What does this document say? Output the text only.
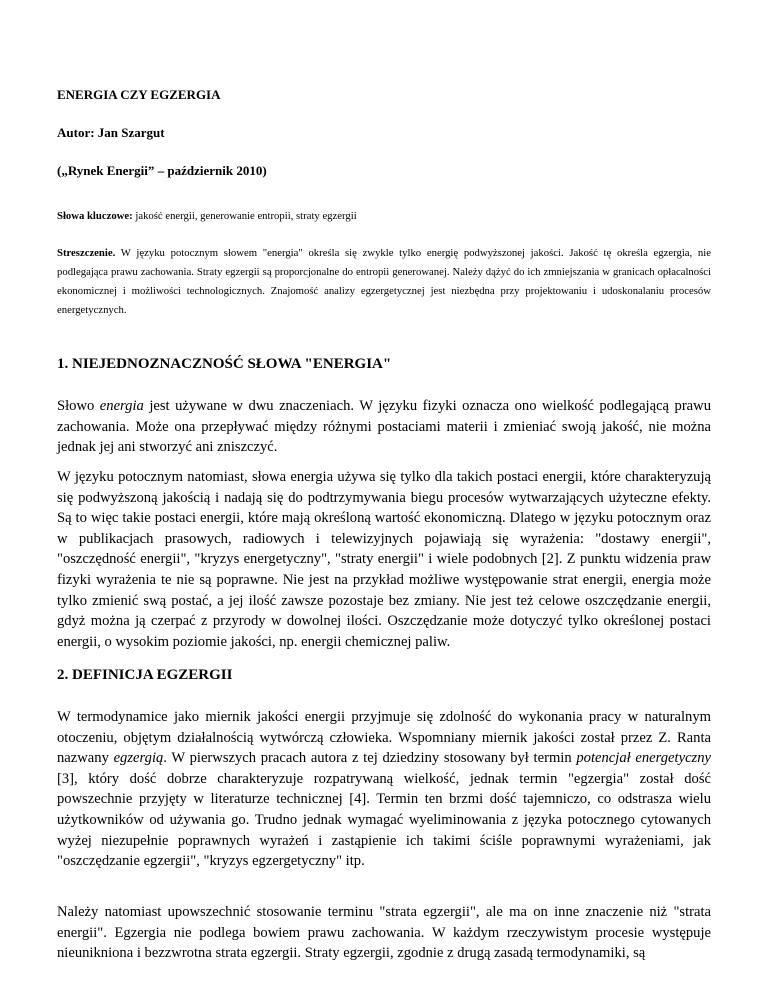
ENERGIA CZY EGZERGIA
Autor: Jan Szargut
(„Rynek Energii” – październik 2010)
Słowa kluczowe: jakość energii, generowanie entropii, straty egzergii
Streszczenie. W języku potocznym słowem "energia" określa się zwykle tylko energię podwyższonej jakości. Jakość tę określa egzergia, nie podlegająca prawu zachowania. Straty egzergii są proporcjonalne do entropii generowanej. Należy dążyć do ich zmniejszania w granicach opłacalności ekonomicznej i możliwości technologicznych. Znajomość analizy egzergetycznej jest niezbędna przy projektowaniu i udoskonalaniu procesów energetycznych.
1. NIEJEDNOZNACZNOŚĆ SŁOWA "ENERGIA"
Słowo energia jest używane w dwu znaczeniach. W języku fizyki oznacza ono wielkość podlegającą prawu zachowania. Może ona przepływać między różnymi postaciami materii i zmieniać swoją jakość, nie można jednak jej ani stworzyć ani zniszczyć.
W języku potocznym natomiast, słowa energia używa się tylko dla takich postaci energii, które charakteryzują się podwyższoną jakością i nadają się do podtrzymywania biegu procesów wytwarzających użyteczne efekty. Są to więc takie postaci energii, które mają określoną wartość ekonomiczną. Dlatego w języku potocznym oraz w publikacjach prasowych, radiowych i telewizyjnych pojawiają się wyrażenia: "dostawy energii", "oszczędność energii", "kryzys energetyczny", "straty energii" i wiele podobnych [2]. Z punktu widzenia praw fizyki wyrażenia te nie są poprawne. Nie jest na przykład możliwe występowanie strat energii, energia może tylko zmienić swą postać, a jej ilość zawsze pozostaje bez zmiany. Nie jest też celowe oszczędzanie energii, gdyż można ją czerpać z przyrody w dowolnej ilości. Oszczędzanie może dotyczyć tylko określonej postaci energii, o wysokim poziomie jakości, np. energii chemicznej paliw.
2. DEFINICJA EGZERGII
W termodynamice jako miernik jakości energii przyjmuje się zdolność do wykonania pracy w naturalnym otoczeniu, objętym działalnością wytwórczą człowieka. Wspomniany miernik jakości został przez Z. Ranta nazwany egzergią. W pierwszych pracach autora z tej dziedziny stosowany był termin potencjał energetyczny [3], który dość dobrze charakteryzuje rozpatrywaną wielkość, jednak termin "egzergia" został dość powszechnie przyjęty w literaturze technicznej [4]. Termin ten brzmi dość tajemniczo, co odstrasza wielu użytkowników od używania go. Trudno jednak wymagać wyeliminowania z języka potocznego cytowanych wyżej niezupełnie poprawnych wyrażeń i zastąpienie ich takimi ściśle poprawnymi wyrażeniami, jak "oszczędzanie egzergii", "kryzys egzergetyczny" itp.
Należy natomiast upowszechnić stosowanie terminu "strata egzergii", ale ma on inne znaczenie niż "strata energii". Egzergia nie podlega bowiem prawu zachowania. W każdym rzeczywistym procesie występuje nieunikniona i bezzwrotna strata egzergii. Straty egzergii, zgodnie z drugą zasadą termodynamiki, są
